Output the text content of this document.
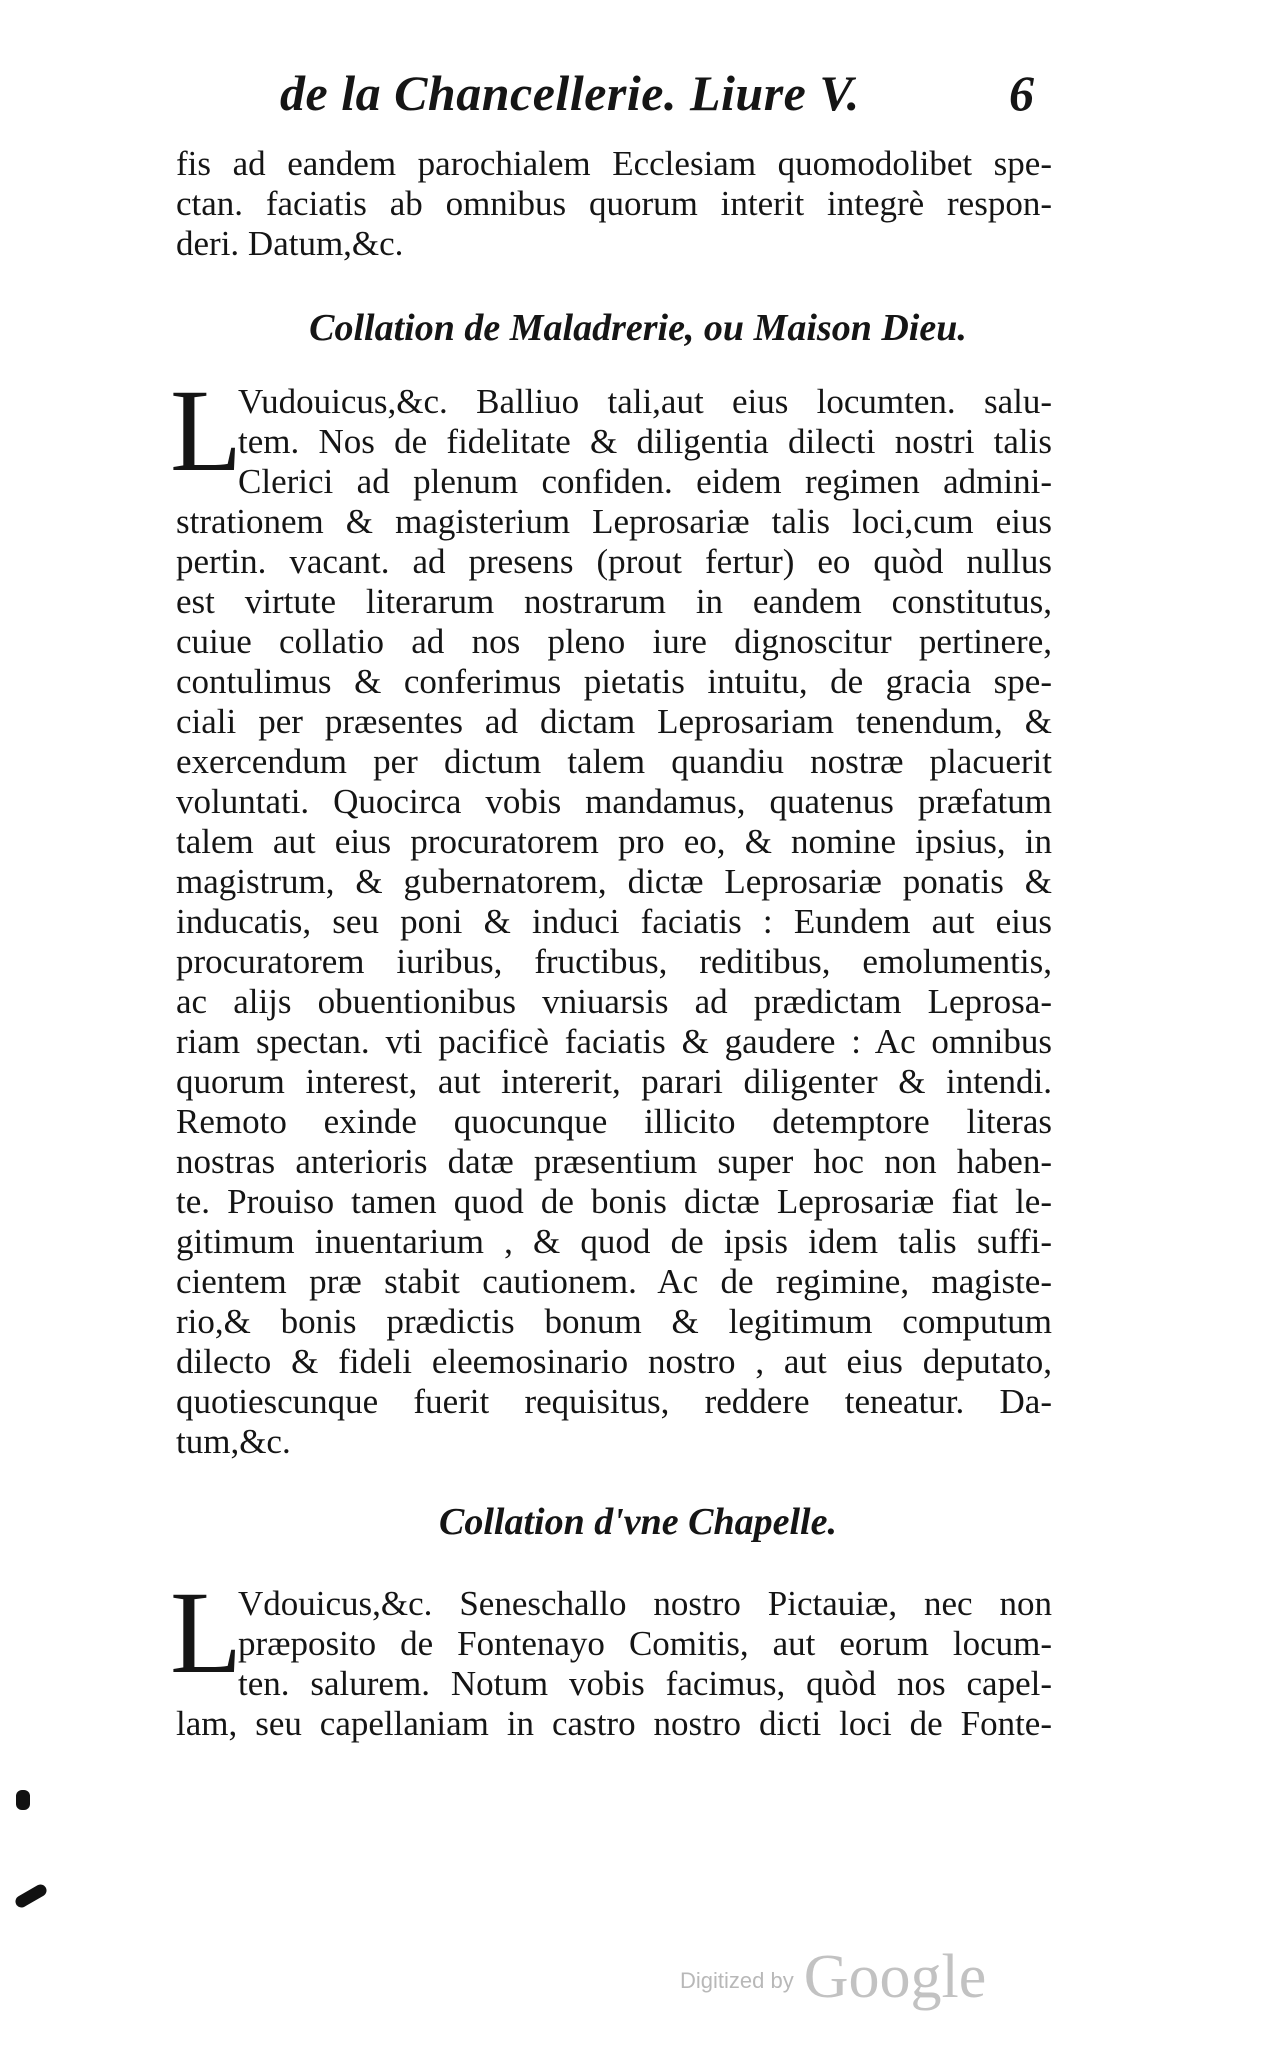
de la Chancellerie. Liure V.	6
fis ad eandem parochialem Ecclesiam quomodolibet spe-
ctan. faciatis ab omnibus quorum interit integrè respon-
deri. Datum,&c.
Collation de Maladrerie, ou Maison Dieu.
L
Vudouicus,&c. Balliuo tali,aut eius locumten. salu-
tem. Nos de fidelitate & diligentia dilecti nostri talis
Clerici ad plenum confiden. eidem regimen admini-
strationem & magisterium Leprosariæ talis loci,cum eius
pertin. vacant. ad presens (prout fertur) eo quòd nullus
est virtute literarum nostrarum in eandem constitutus,
cuiue collatio ad nos pleno iure dignoscitur pertinere,
contulimus & conferimus pietatis intuitu, de gracia spe-
ciali per præsentes ad dictam Leprosariam tenendum, &
exercendum per dictum talem quandiu nostræ placuerit
voluntati. Quocirca vobis mandamus, quatenus præfatum
talem aut eius procuratorem pro eo, & nomine ipsius, in
magistrum, & gubernatorem, dictæ Leprosariæ ponatis &
inducatis, seu poni & induci faciatis : Eundem aut eius
procuratorem iuribus, fructibus, reditibus, emolumentis,
ac alijs obuentionibus vniuarsis ad prædictam Leprosa-
riam spectan. vti pacificè faciatis & gaudere : Ac omnibus
quorum interest, aut intererit, parari diligenter & intendi.
Remoto exinde quocunque illicito detemptore literas
nostras anterioris datæ præsentium super hoc non haben-
te. Prouiso tamen quod de bonis dictæ Leprosariæ fiat le-
gitimum inuentarium , & quod de ipsis idem talis suffi-
cientem præ stabit cautionem. Ac de regimine, magiste-
rio,& bonis prædictis bonum & legitimum computum
dilecto & fideli eleemosinario nostro , aut eius deputato,
quotiescunque fuerit requisitus, reddere teneatur. Da-
tum,&c.
Collation d'vne Chapelle.
L
Vdouicus,&c. Seneschallo nostro Pictauiæ, nec non
præposito de Fontenayo Comitis, aut eorum locum-
ten. salurem. Notum vobis facimus, quòd nos capel-
lam, seu capellaniam in castro nostro dicti loci de Fonte-
Digitized by Google
